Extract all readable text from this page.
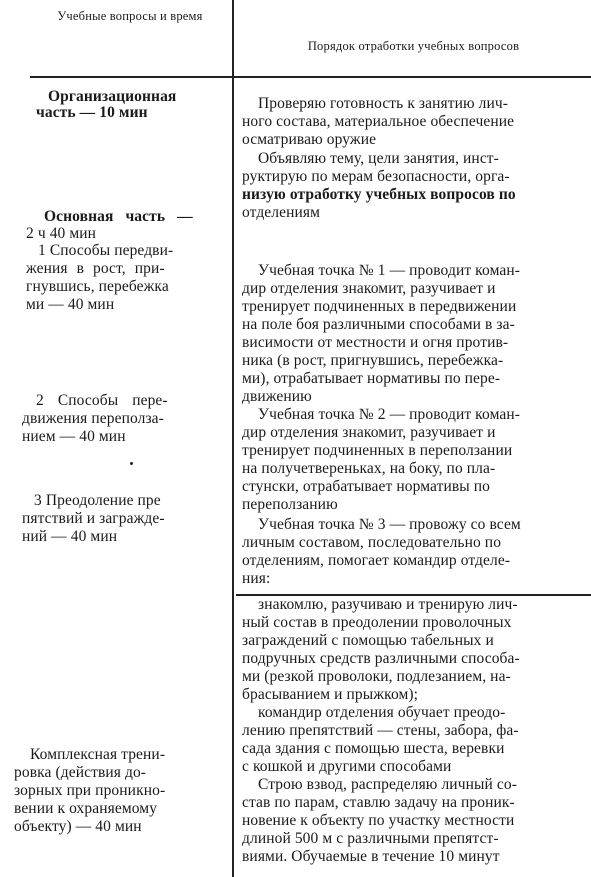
Учебные вопросы и время
Порядок отработки учебных вопросов
Организационная
часть — 10 мин
Основная часть —
2 ч 40 мин
1 Способы передви-
жения в рост, при-
гнувшись, перебежка
ми — 40 мин
2 Способы пере-
движения переполза-
нием — 40 мин
3 Преодоление пре
пятствий и загражде-
ний — 40 мин
Комплексная трени-
ровка (действия до-
зорных при проникно-
вении к охраняемому
объекту) — 40 мин
Проверяю готовность к занятию лич-
ного состава, материальное обеспечение
осматриваю оружие
Объявляю тему, цели занятия, инст-
руктирую по мерам безопасности, орга-
низую отработку учебных вопросов по
отделениям
Учебная точка № 1 — проводит коман-
дир отделения знакомит, разучивает и
тренирует подчиненных в передвижении
на поле боя различными способами в за-
висимости от местности и огня против-
ника (в рост, пригнувшись, перебежка-
ми), отрабатывает нормативы по пере-
движению
Учебная точка № 2 — проводит коман-
дир отделения знакомит, разучивает и
тренирует подчиненных в переползании
на получетвереньках, на боку, по пла-
стунски, отрабатывает нормативы по
переползанию
Учебная точка № 3 — провожу со всем
личным составом, последовательно по
отделениям, помогает командир отделе-
ния:
знакомлю, разучиваю и тренирую лич-
ный состав в преодолении проволочных
заграждений с помощью табельных и
подручных средств различными способа-
ми (резкой проволоки, подлезанием, на-
брасыванием и прыжком);
командир отделения обучает преодо-
лению препятствий — стены, забора, фа-
сада здания с помощью шеста, веревки
с кошкой и другими способами
Строю взвод, распределяю личный со-
став по парам, ставлю задачу на проник-
новение к объекту по участку местности
длиной 500 м с различными препятст-
виями. Обучаемые в течение 10 минут
